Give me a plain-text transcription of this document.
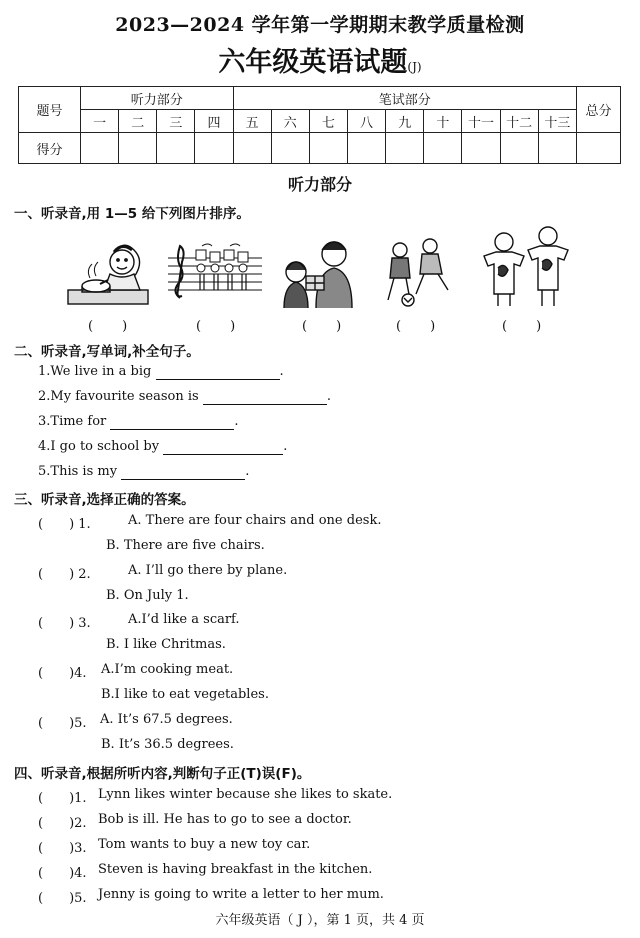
2023—2024 学年第一学期期末教学质量检测
六年级英语试题(J)
题号	听力部分				笔试部分									总分
	一	二	三	四	五	六	七	八	九	十	十一	十二	十三	
得分														
听力部分
一、听录音,用 1—5 给下列图片排序。
(　　)	(　　)	(　　)	(　　)	(　　)
二、听录音,写单词,补全句子。
1.We live in a big	.
2.My favourite season is	.
3.Time for	.
4.I go to school by	.
5.This is my	.
三、听录音,选择正确的答案。
(　　) 1.	A. There are four chairs and one desk.
B. There are five chairs.
(　　) 2.	A. I’ll go there by plane.
B. On July 1.
(　　) 3.	A.I’d like a scarf.
B. I like Chritmas.
(　　)4. A.I’m cooking meat.
B.I like to eat vegetables.
(　　)5. A. It’s 67.5 degrees.
B. It’s 36.5 degrees.
四、听录音,根据所听内容,判断句子正(T)误(F)。
(　　)1. Lynn likes winter because she likes to skate.
(　　)2. Bob is ill. He has to go to see a doctor.
(　　)3. Tom wants to buy a new toy car.
(　　)4. Steven is having breakfast in the kitchen.
(　　)5. Jenny is going to write a letter to her mum.
六年级英语（ J ），第 1 页，共 4 页
